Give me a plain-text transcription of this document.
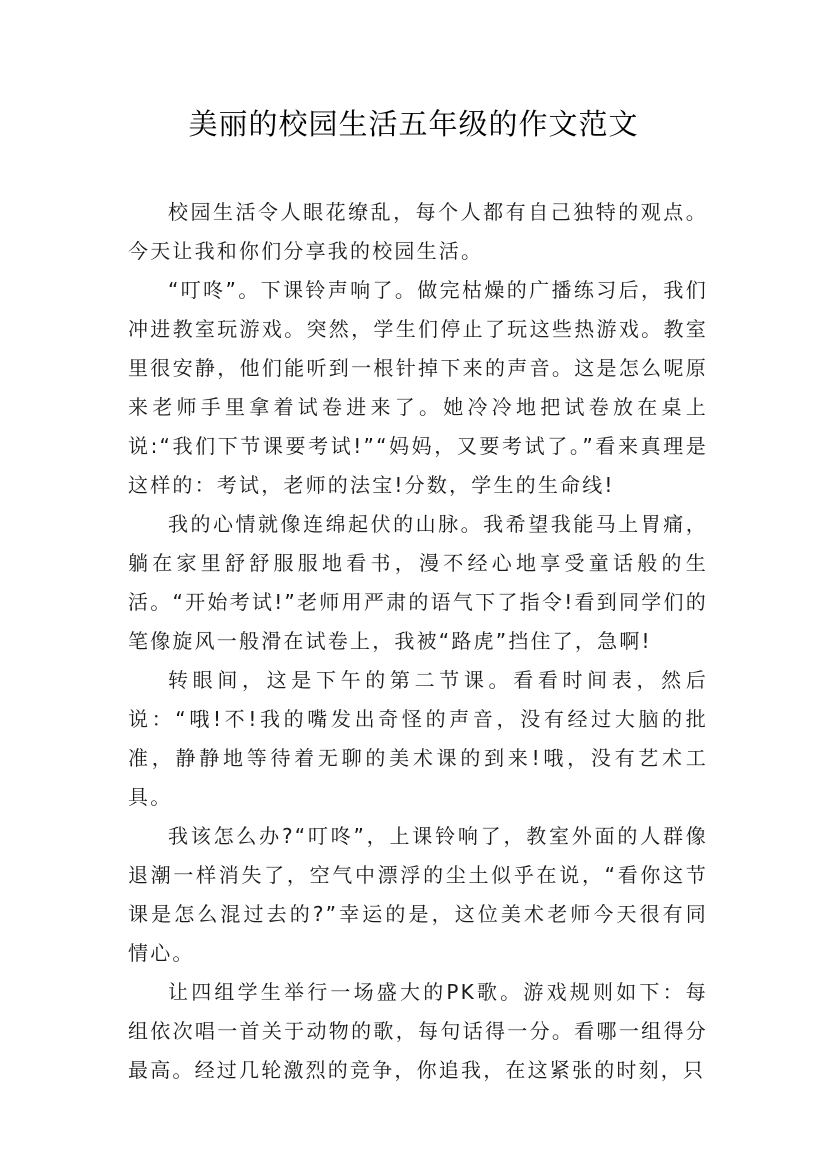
美丽的校园生活五年级的作文范文

校园生活令人眼花缭乱，每个人都有自己独特的观点。今天让我和你们分享我的校园生活。

“叮咚”。下课铃声响了。做完枯燥的广播练习后，我们冲进教室玩游戏。突然，学生们停止了玩这些热游戏。教室里很安静，他们能听到一根针掉下来的声音。这是怎么呢原来老师手里拿着试卷进来了。她冷冷地把试卷放在桌上说:“我们下节课要考试!”“妈妈，又要考试了。”看来真理是这样的：考试，老师的法宝!分数，学生的生命线!

我的心情就像连绵起伏的山脉。我希望我能马上胃痛，躺在家里舒舒服服地看书，漫不经心地享受童话般的生活。“开始考试!”老师用严肃的语气下了指令!看到同学们的笔像旋风一般滑在试卷上，我被“路虎”挡住了，急啊!

转眼间，这是下午的第二节课。看看时间表，然后说：“哦!不!我的嘴发出奇怪的声音，没有经过大脑的批准，静静地等待着无聊的美术课的到来!哦，没有艺术工具。

我该怎么办?“叮咚”，上课铃响了，教室外面的人群像退潮一样消失了，空气中漂浮的尘土似乎在说，“看你这节课是怎么混过去的?”幸运的是，这位美术老师今天很有同情心。

让四组学生举行一场盛大的PK歌。游戏规则如下：每组依次唱一首关于动物的歌，每句话得一分。看哪一组得分最高。经过几轮激烈的竞争，你追我，在这紧张的时刻，只
